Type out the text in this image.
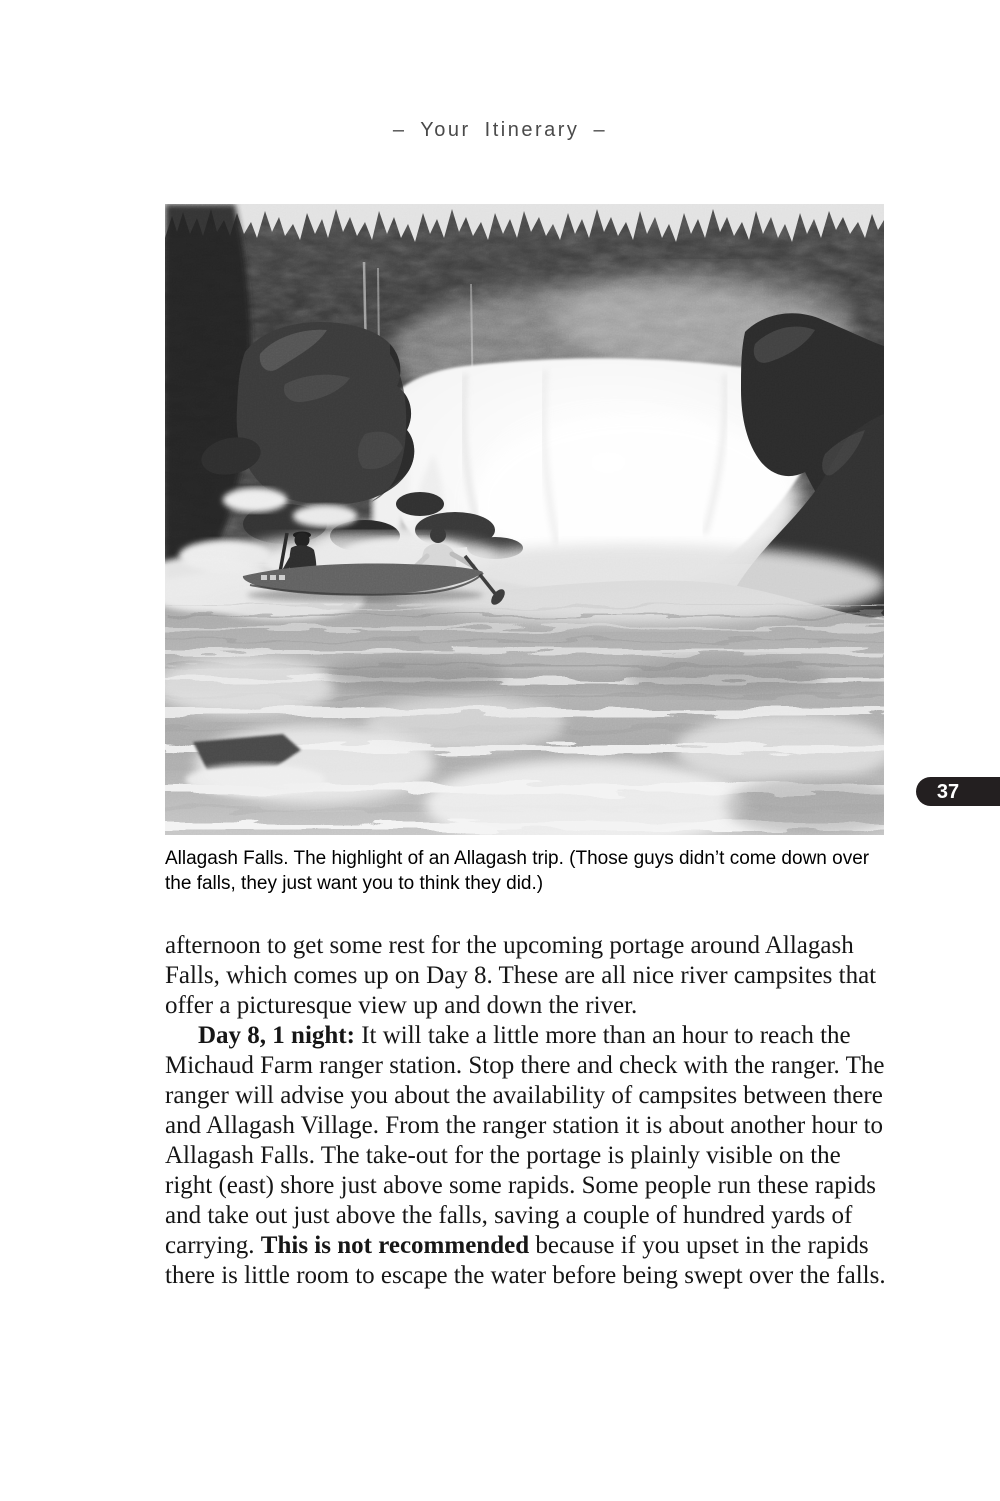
– Your Itinerary –
37

Allagash Falls. The highlight of an Allagash trip. (Those guys didn’t come down over the falls, they just want you to think they did.)

afternoon to get some rest for the upcoming portage around Allagash Falls, which comes up on Day 8. These are all nice river campsites that offer a picturesque view up and down the river.

Day 8, 1 night: It will take a little more than an hour to reach the Michaud Farm ranger station. Stop there and check with the ranger. The ranger will advise you about the availability of campsites between there and Allagash Village. From the ranger station it is about another hour to Allagash Falls. The take-out for the portage is plainly visible on the right (east) shore just above some rapids. Some people run these rapids and take out just above the falls, saving a couple of hundred yards of carrying. This is not recommended because if you upset in the rapids there is little room to escape the water before being swept over the falls.
